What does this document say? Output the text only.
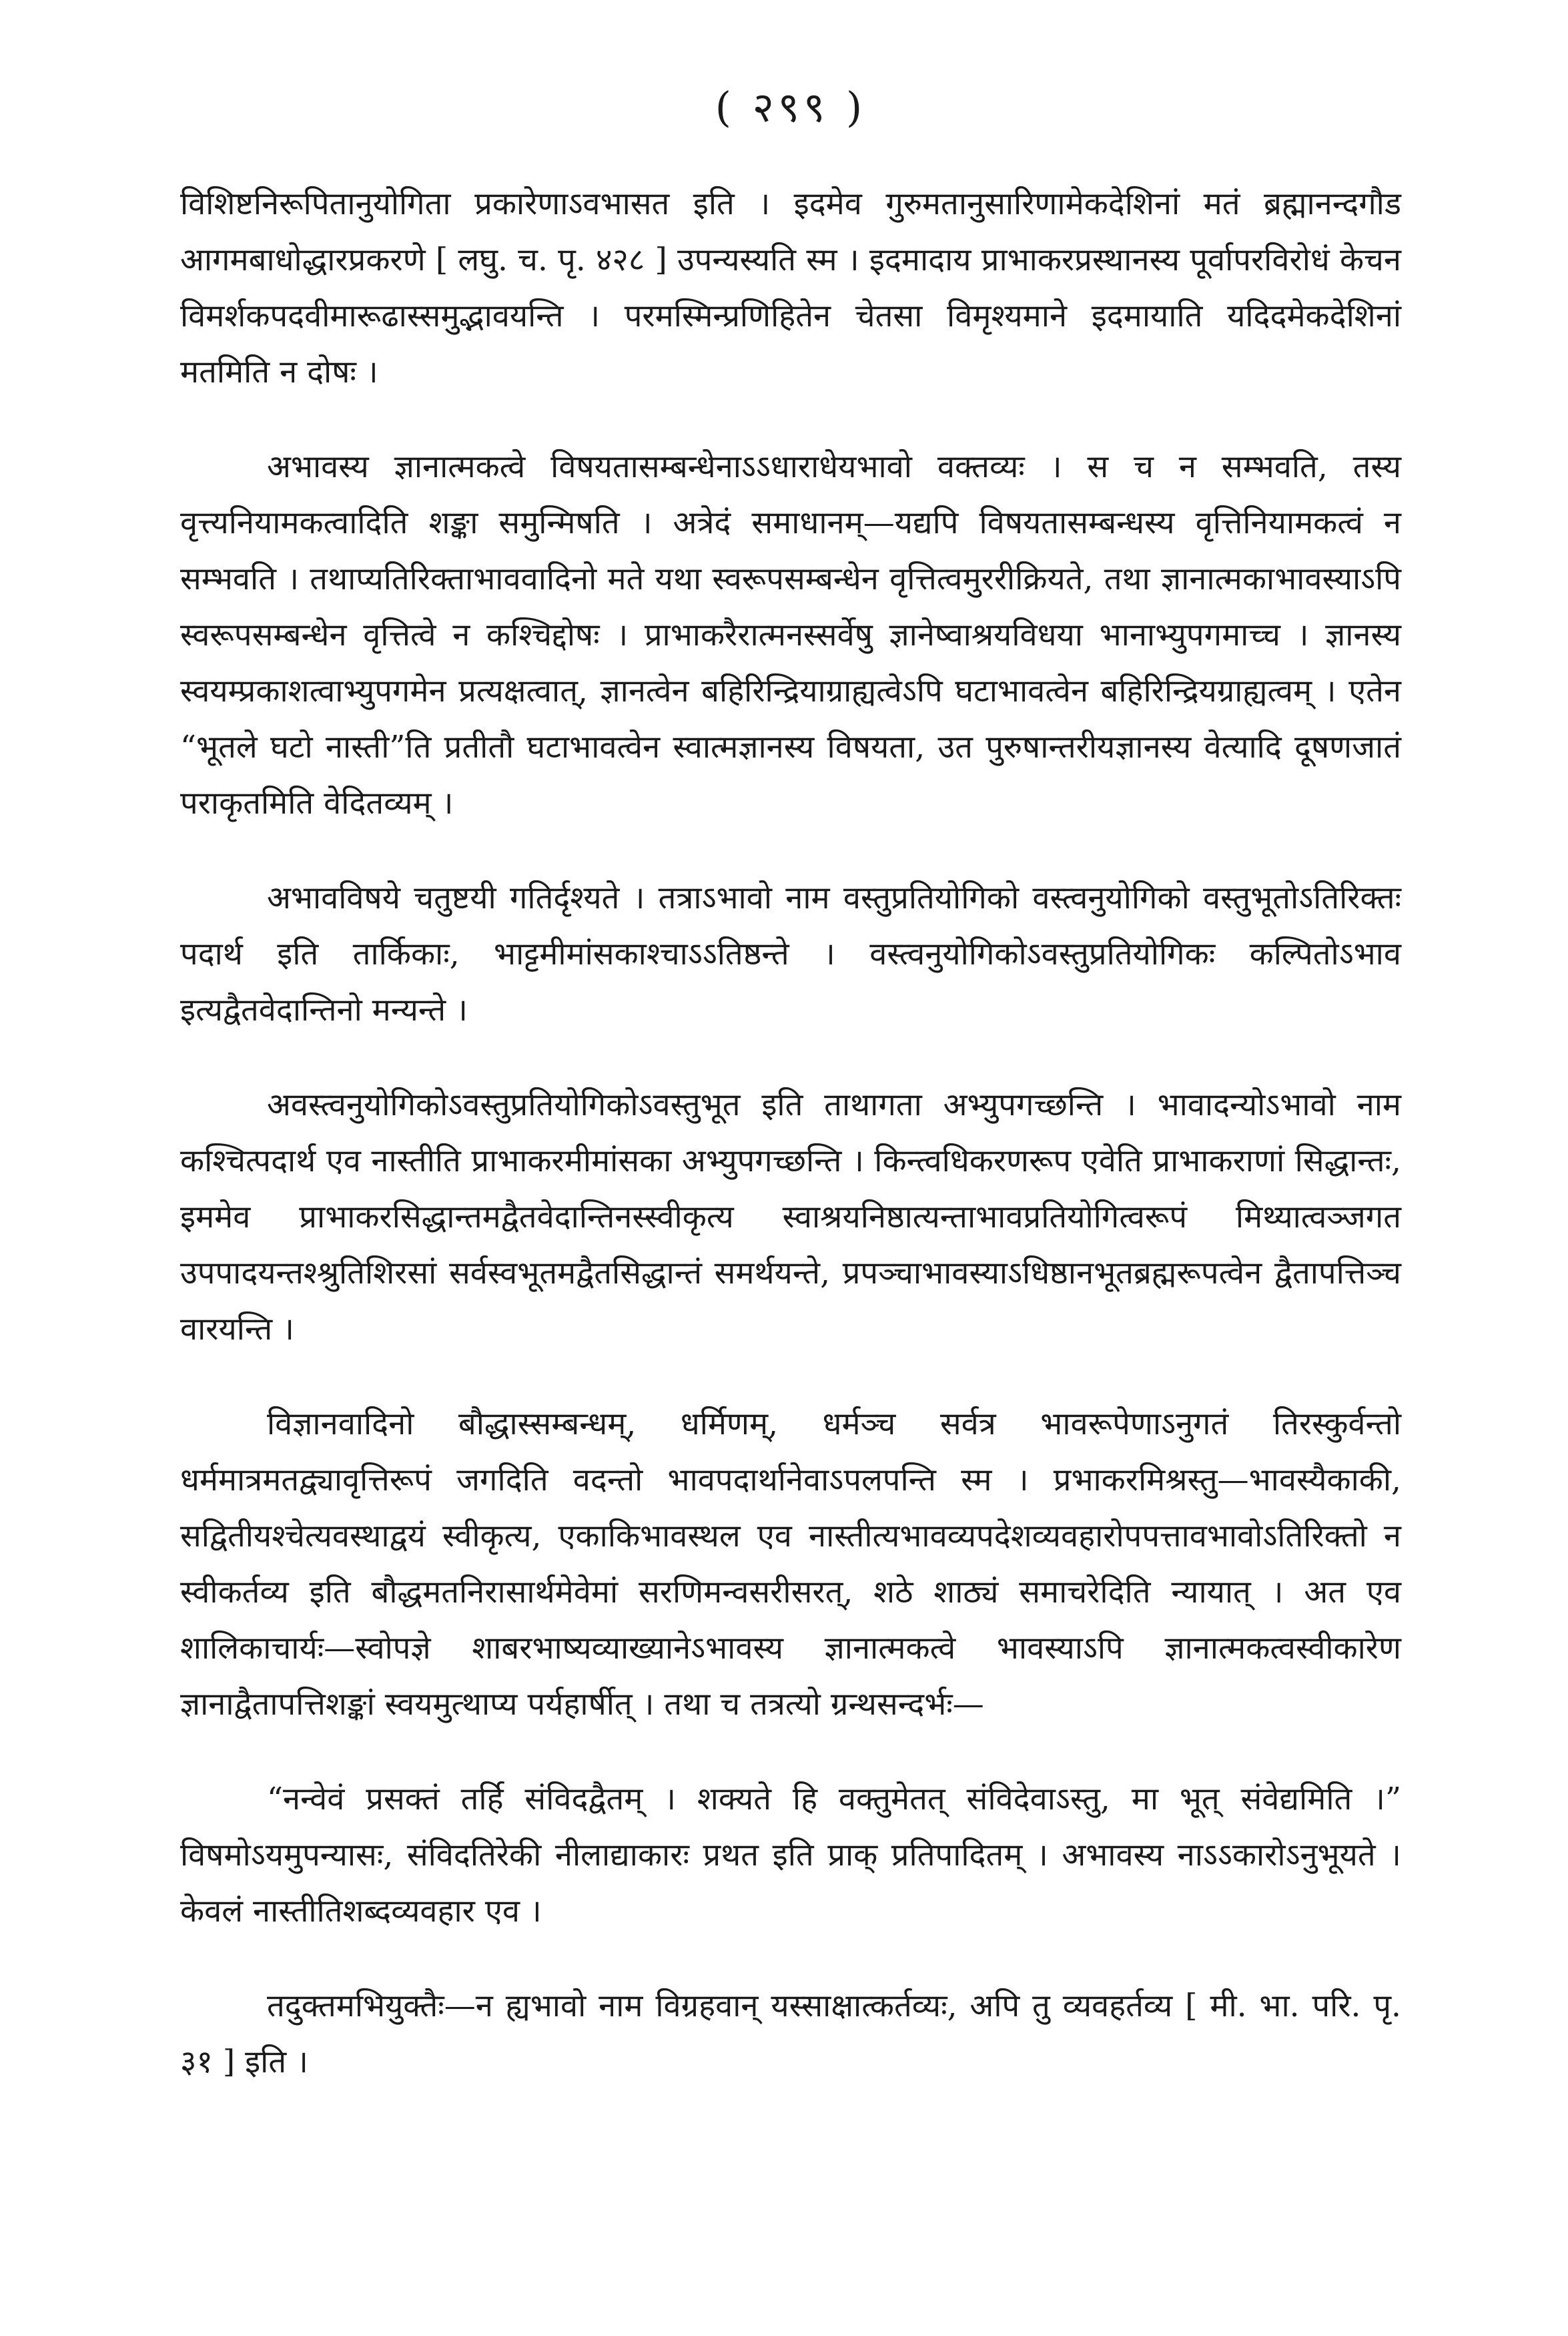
( २९९ )

विशिष्टनिरूपितानुयोगिता प्रकारेणाऽवभासत इति । इदमेव गुरुमतानुसारिणामेकदेशिनां मतं ब्रह्मानन्दगौड आगमबाधोद्धारप्रकरणे [ लघु. च. पृ. ४२८ ] उपन्यस्यति स्म । इदमादाय प्राभाकरप्रस्थानस्य पूर्वापरविरोधं केचन विमर्शकपदवीमारूढास्समुद्भावयन्ति । परमस्मिन्प्रणिहितेन चेतसा विमृश्यमाने इदमायाति यदिदमेकदेशिनां मतमिति न दोषः ।

अभावस्य ज्ञानात्मकत्वे विषयतासम्बन्धेनाऽऽधाराधेयभावो वक्तव्यः । स च न सम्भवति, तस्य वृत्त्यनियामकत्वादिति शङ्का समुन्मिषति । अत्रेदं समाधानम्—यद्यपि विषयतासम्बन्धस्य वृत्तिनियामकत्वं न सम्भवति । तथाप्यतिरिक्ताभाववादिनो मते यथा स्वरूपसम्बन्धेन वृत्तित्वमुररीक्रियते, तथा ज्ञानात्मकाभावस्याऽपि स्वरूपसम्बन्धेन वृत्तित्वे न कश्चिद्दोषः । प्राभाकरैरात्मनस्सर्वेषु ज्ञानेष्वाश्रयविधया भानाभ्युपगमाच्च । ज्ञानस्य स्वयम्प्रकाशत्वाभ्युपगमेन प्रत्यक्षत्वात्, ज्ञानत्वेन बहिरिन्द्रियाग्राह्यत्वेऽपि घटाभावत्वेन बहिरिन्द्रियग्राह्यत्वम् । एतेन “भूतले घटो नास्ती”ति प्रतीतौ घटाभावत्वेन स्वात्मज्ञानस्य विषयता, उत पुरुषान्तरीयज्ञानस्य वेत्यादि दूषणजातं पराकृतमिति वेदितव्यम् ।

अभावविषये चतुष्टयी गतिर्दृश्यते । तत्राऽभावो नाम वस्तुप्रतियोगिको वस्त्वनुयोगिको वस्तुभूतोऽतिरिक्तः पदार्थ इति तार्किकाः, भाट्टमीमांसकाश्चाऽऽतिष्ठन्ते । वस्त्वनुयोगिकोऽवस्तुप्रतियोगिकः कल्पितोऽभाव इत्यद्वैतवेदान्तिनो मन्यन्ते ।

अवस्त्वनुयोगिकोऽवस्तुप्रतियोगिकोऽवस्तुभूत इति ताथागता अभ्युपगच्छन्ति । भावादन्योऽभावो नाम कश्चित्पदार्थ एव नास्तीति प्राभाकरमीमांसका अभ्युपगच्छन्ति । किन्त्वधिकरणरूप एवेति प्राभाकराणां सिद्धान्तः, इममेव प्राभाकरसिद्धान्तमद्वैतवेदान्तिनस्स्वीकृत्य स्वाश्रयनिष्ठात्यन्ताभावप्रतियोगित्वरूपं मिथ्यात्वञ्जगत उपपादयन्तश्श्रुतिशिरसां सर्वस्वभूतमद्वैतसिद्धान्तं समर्थयन्ते, प्रपञ्चाभावस्याऽधिष्ठानभूतब्रह्मरूपत्वेन द्वैतापत्तिञ्च वारयन्ति ।

विज्ञानवादिनो बौद्धास्सम्बन्धम्, धर्मिणम्, धर्मञ्च सर्वत्र भावरूपेणाऽनुगतं तिरस्कुर्वन्तो धर्ममात्रमतद्व्यावृत्तिरूपं जगदिति वदन्तो भावपदार्थानेवाऽपलपन्ति स्म । प्रभाकरमिश्रस्तु—भावस्यैकाकी, सद्वितीयश्चेत्यवस्थाद्वयं स्वीकृत्य, एकाकिभावस्थल एव नास्तीत्यभावव्यपदेशव्यवहारोपपत्तावभावोऽतिरिक्तो न स्वीकर्तव्य इति बौद्धमतनिरासार्थमेवेमां सरणिमन्वसरीसरत्, शठे शाठ्यं समाचरेदिति न्यायात् । अत एव शालिकाचार्यः—स्वोपज्ञे शाबरभाष्यव्याख्यानेऽभावस्य ज्ञानात्मकत्वे भावस्याऽपि ज्ञानात्मकत्वस्वीकारेण ज्ञानाद्वैतापत्तिशङ्कां स्वयमुत्थाप्य पर्यहार्षीत् । तथा च तत्रत्यो ग्रन्थसन्दर्भः—

“नन्वेवं प्रसक्तं तर्हि संविदद्वैतम् । शक्यते हि वक्तुमेतत् संविदेवाऽस्तु, मा भूत् संवेद्यमिति ।” विषमोऽयमुपन्यासः, संविदतिरेकी नीलाद्याकारः प्रथत इति प्राक् प्रतिपादितम् । अभावस्य नाऽऽकारोऽनुभूयते । केवलं नास्तीतिशब्दव्यवहार एव ।

तदुक्तमभियुक्तैः—न ह्यभावो नाम विग्रहवान् यस्साक्षात्कर्तव्यः, अपि तु व्यवहर्तव्य [ मी. भा. परि. पृ. ३१ ] इति ।
